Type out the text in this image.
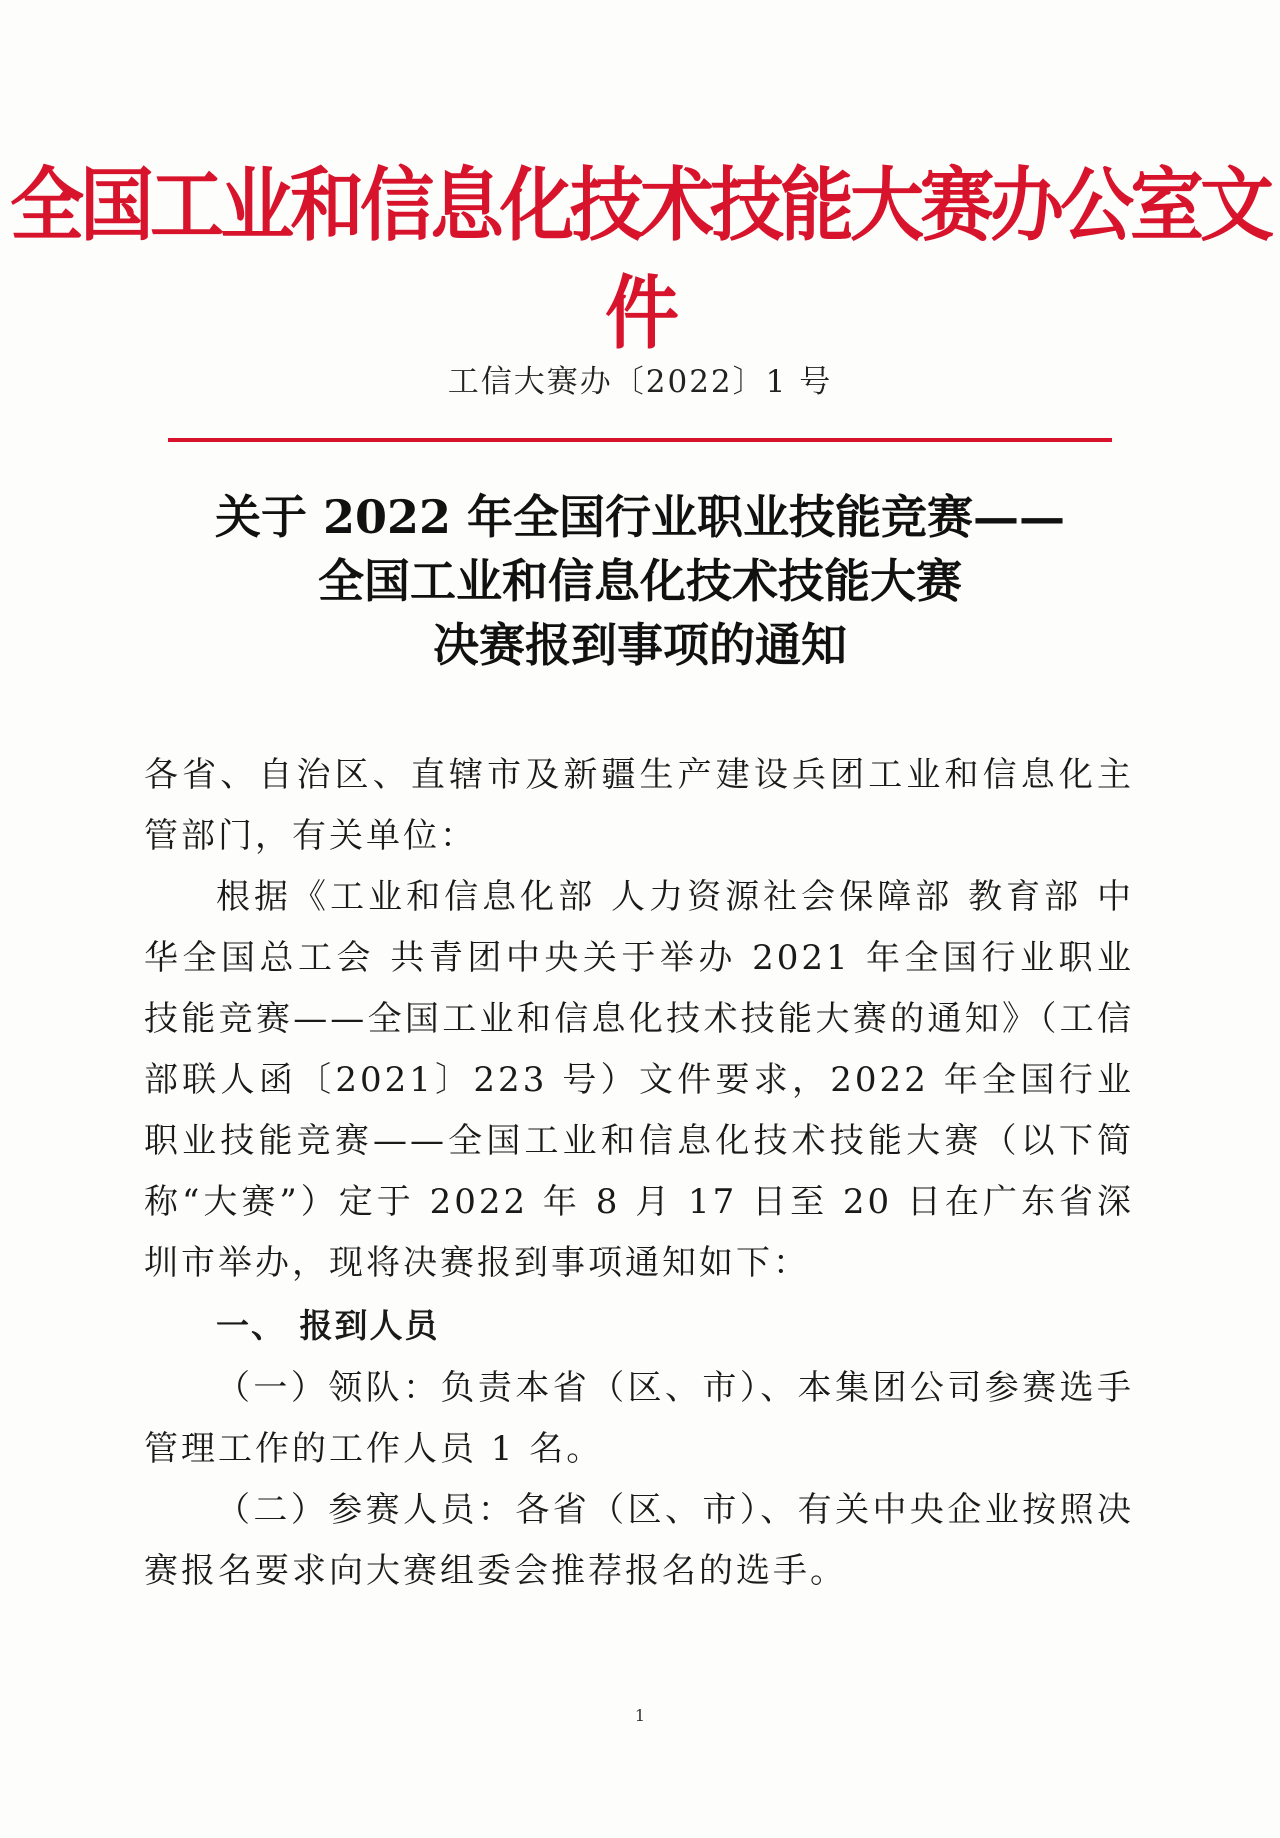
全国工业和信息化技术技能大赛办公室文件
工信大赛办〔2022〕1 号
关于 2022 年全国行业职业技能竞赛——
全国工业和信息化技术技能大赛
决赛报到事项的通知

各省、自治区、直辖市及新疆生产建设兵团工业和信息化主管部门，有关单位：

根据《工业和信息化部 人力资源社会保障部 教育部 中华全国总工会 共青团中央关于举办 2021 年全国行业职业技能竞赛——全国工业和信息化技术技能大赛的通知》（工信部联人函〔2021〕223 号）文件要求，2022 年全国行业职业技能竞赛——全国工业和信息化技术技能大赛（以下简称“大赛”）定于 2022 年 8 月 17 日至 20 日在广东省深圳市举办，现将决赛报到事项通知如下：

一、 报到人员

（一）领队：负责本省（区、市）、本集团公司参赛选手管理工作的工作人员 1 名。

（二）参赛人员：各省（区、市）、有关中央企业按照决赛报名要求向大赛组委会推荐报名的选手。

1
